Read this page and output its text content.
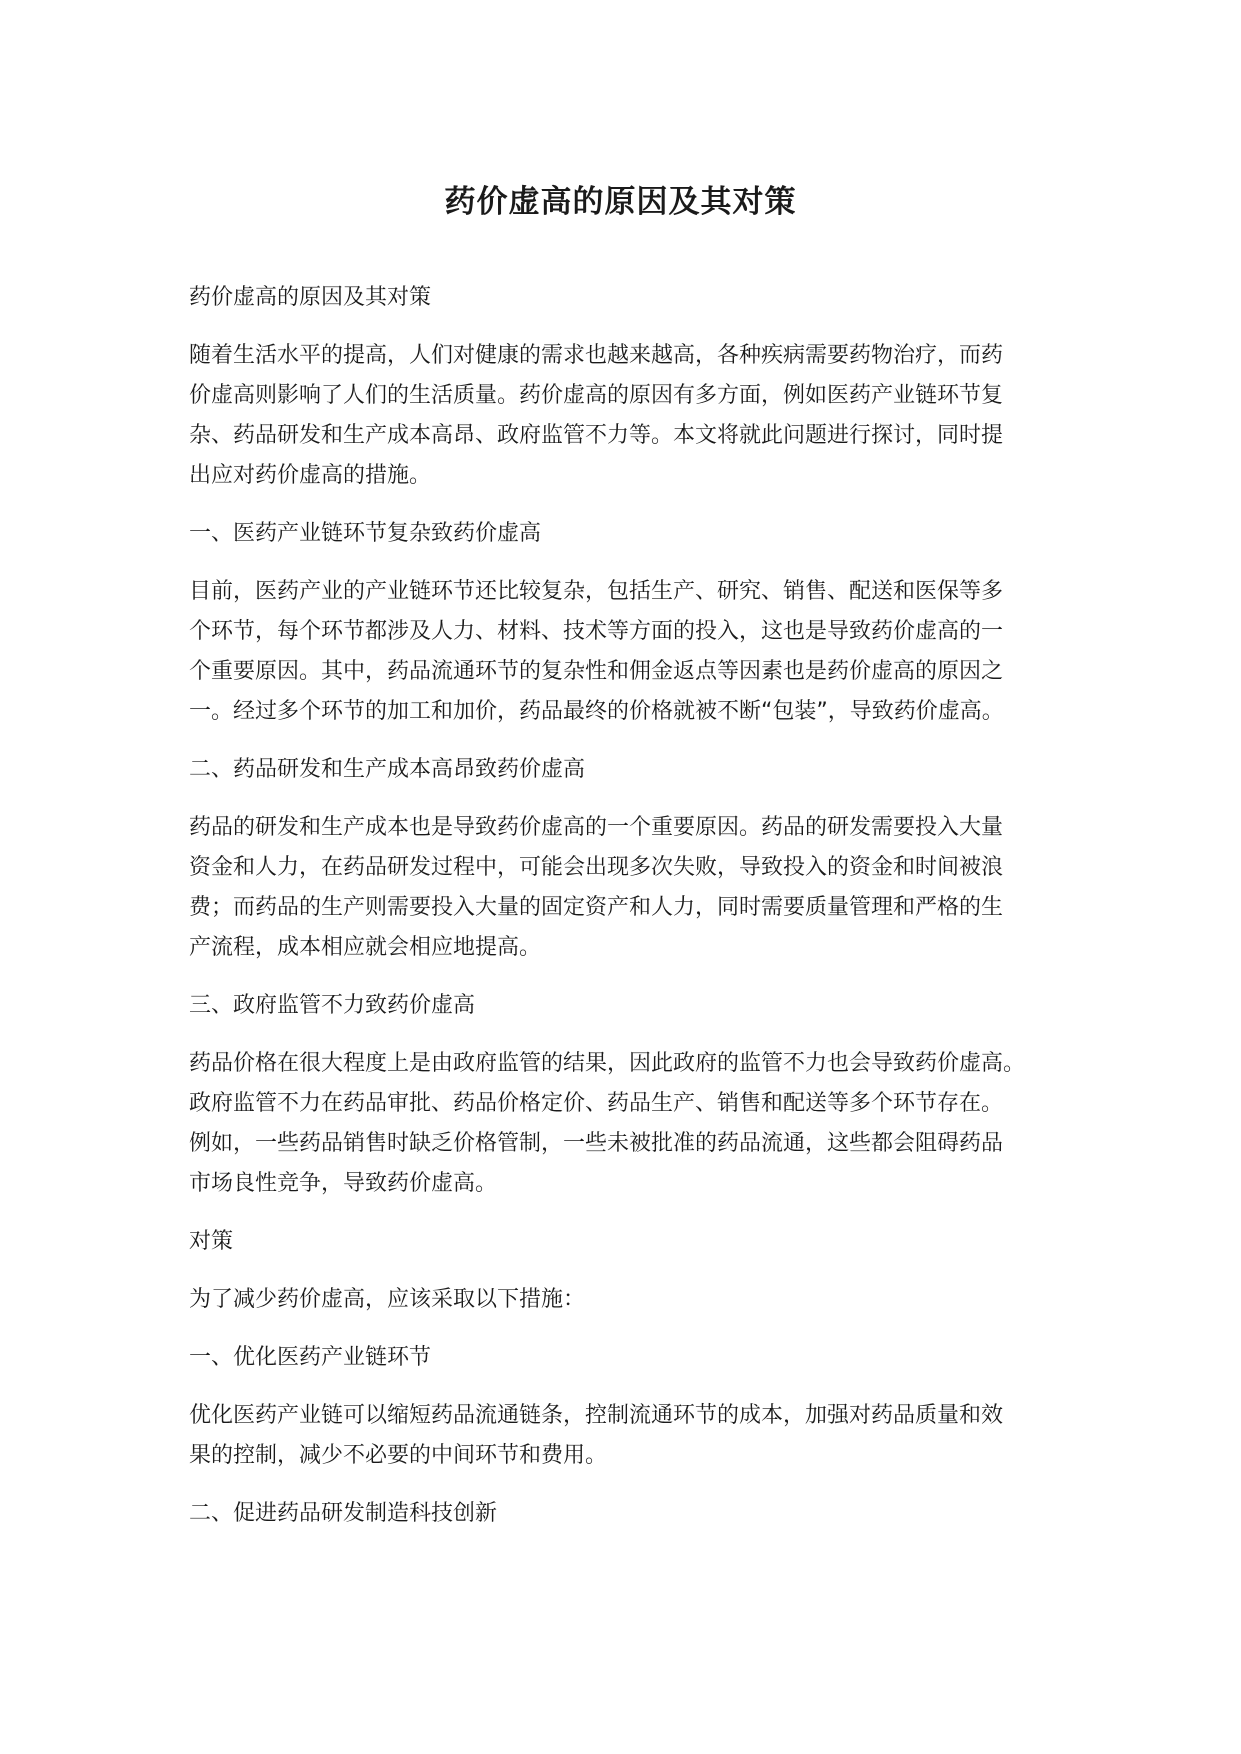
药价虚高的原因及其对策

药价虚高的原因及其对策

随着生活水平的提高，人们对健康的需求也越来越高，各种疾病需要药物治疗，而药
价虚高则影响了人们的生活质量。药价虚高的原因有多方面，例如医药产业链环节复
杂、药品研发和生产成本高昂、政府监管不力等。本文将就此问题进行探讨，同时提
出应对药价虚高的措施。

一、医药产业链环节复杂致药价虚高

目前，医药产业的产业链环节还比较复杂，包括生产、研究、销售、配送和医保等多
个环节，每个环节都涉及人力、材料、技术等方面的投入，这也是导致药价虚高的一
个重要原因。其中，药品流通环节的复杂性和佣金返点等因素也是药价虚高的原因之
一。经过多个环节的加工和加价，药品最终的价格就被不断“包装”，导致药价虚高。

二、药品研发和生产成本高昂致药价虚高

药品的研发和生产成本也是导致药价虚高的一个重要原因。药品的研发需要投入大量
资金和人力，在药品研发过程中，可能会出现多次失败，导致投入的资金和时间被浪
费；而药品的生产则需要投入大量的固定资产和人力，同时需要质量管理和严格的生
产流程，成本相应就会相应地提高。

三、政府监管不力致药价虚高

药品价格在很大程度上是由政府监管的结果，因此政府的监管不力也会导致药价虚高。
政府监管不力在药品审批、药品价格定价、药品生产、销售和配送等多个环节存在。
例如，一些药品销售时缺乏价格管制，一些未被批准的药品流通，这些都会阻碍药品
市场良性竞争，导致药价虚高。

对策

为了减少药价虚高，应该采取以下措施：

一、优化医药产业链环节

优化医药产业链可以缩短药品流通链条，控制流通环节的成本，加强对药品质量和效
果的控制，减少不必要的中间环节和费用。

二、促进药品研发制造科技创新
